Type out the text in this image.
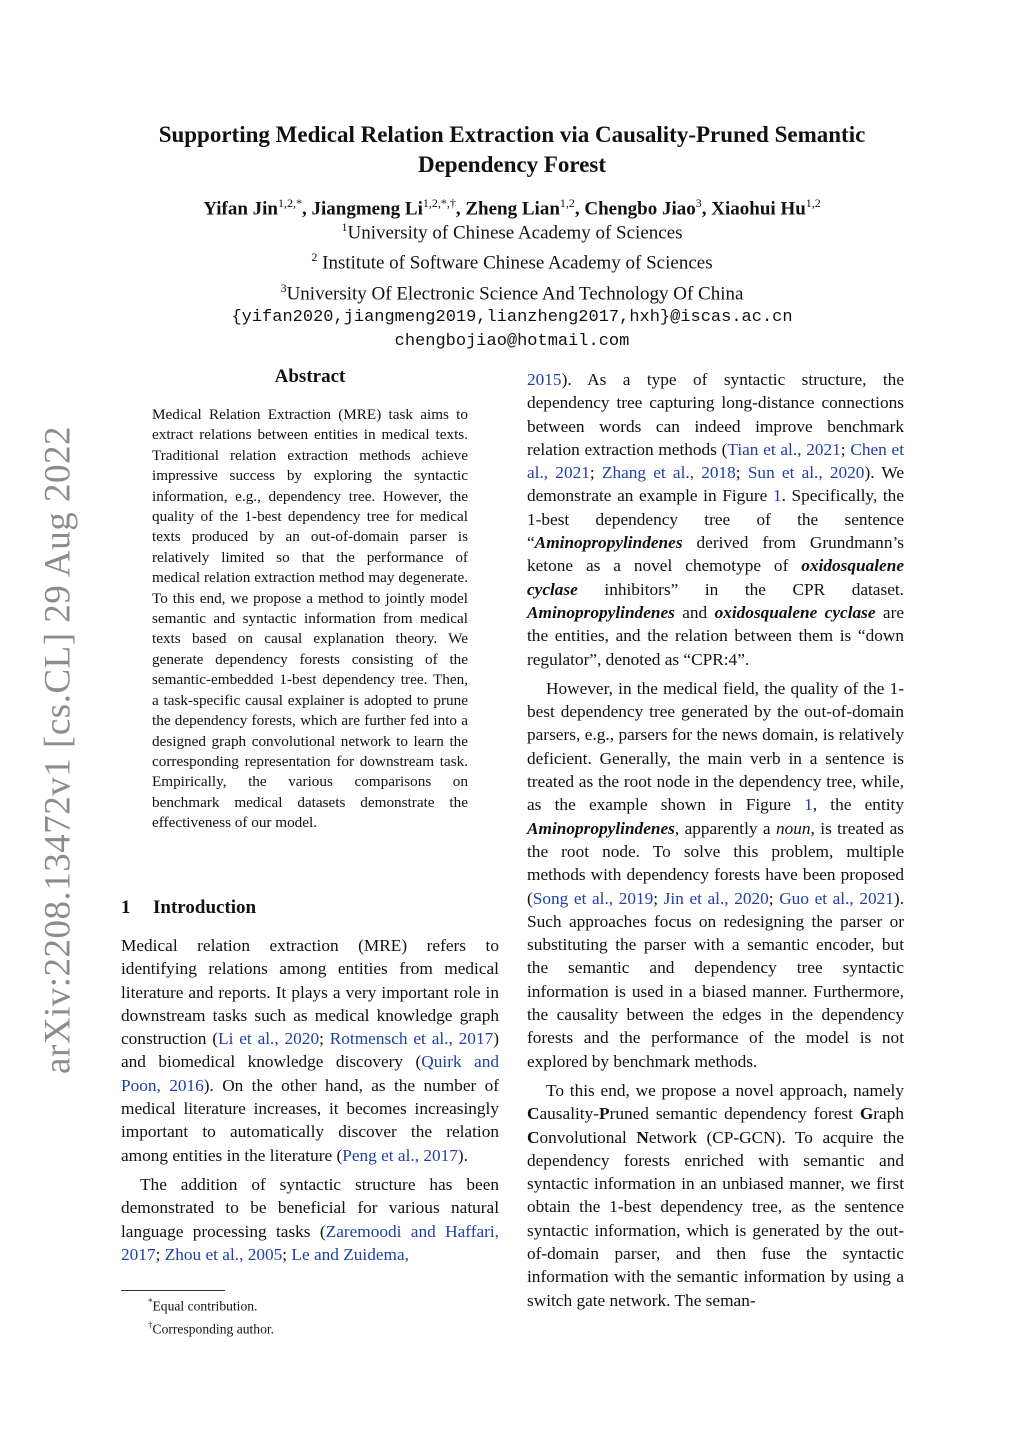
arXiv:2208.13472v1 [cs.CL] 29 Aug 2022
Supporting Medical Relation Extraction via Causality-Pruned Semantic Dependency Forest
Yifan Jin$^{1,2,*}$, Jiangmeng $Li^{1,2,*,\dagger}$, Zheng Lian$^{1,2}$, Chengbo Jiao$^3$, Xiaohui Hu$^{1,2}$
$^1$University of Chinese Academy of Sciences
$^2$ Institute of Software Chinese Academy of Sciences
$^3$University Of Electronic Science And Technology Of China
{yifan2020,jiangmeng2019,lianzheng2017,hxh}@iscas.ac.cn
chengbojiao@hotmail.com
Abstract

Medical Relation Extraction (MRE) task aims to extract relations between entities in medical texts. Traditional relation extraction methods achieve impressive success by exploring the syntactic information, e.g., dependency tree. However, the quality of the 1-best dependency tree for medical texts produced by an out-of-domain parser is relatively limited so that the performance of medical relation extraction method may degenerate. To this end, we propose a method to jointly model semantic and syntactic information from medical texts based on causal explanation theory. We generate dependency forests consisting of the semantic-embedded 1-best dependency tree. Then, a task-specific causal explainer is adopted to prune the dependency forests, which are further fed into a designed graph convolutional network to learn the corresponding representation for downstream task. Empirically, the various comparisons on benchmark medical datasets demonstrate the effectiveness of our model.

1 Introduction

Medical relation extraction (MRE) refers to identifying relations among entities from medical literature and reports. It plays a very important role in downstream tasks such as medical knowledge graph construction (Li et al., 2020; Rotmensch et al., 2017) and biomedical knowledge discovery (Quirk and Poon, 2016). On the other hand, as the number of medical literature increases, it becomes increasingly important to automatically discover the relation among entities in the literature (Peng et al., 2017).

The addition of syntactic structure has been demonstrated to be beneficial for various natural language processing tasks (Zaremoodi and Haffari, 2017; Zhou et al., 2005; Le and Zuidema,

2015). As a type of syntactic structure, the dependency tree capturing long-distance connections between words can indeed improve benchmark relation extraction methods (Tian et al., 2021; Chen et al., 2021; Zhang et al., 2018; Sun et al., 2020). We demonstrate an example in Figure 1. Specifically, the 1-best dependency tree of the sentence “Aminopropylindenes derived from Grundmann’s ketone as a novel chemotype of oxidosqualene cyclase inhibitors” in the CPR dataset. Aminopropylindenes and oxidosqualene cyclase are the entities, and the relation between them is “down regulator”, denoted as “CPR:4”.

However, in the medical field, the quality of the 1-best dependency tree generated by the out-of-domain parsers, e.g., parsers for the news domain, is relatively deficient. Generally, the main verb in a sentence is treated as the root node in the dependency tree, while, as the example shown in Figure 1, the entity Aminopropylindenes, apparently a noun, is treated as the root node. To solve this problem, multiple methods with dependency forests have been proposed (Song et al., 2019; Jin et al., 2020; Guo et al., 2021). Such approaches focus on redesigning the parser or substituting the parser with a semantic encoder, but the semantic and dependency tree syntactic information is used in a biased manner. Furthermore, the causality between the edges in the dependency forests and the performance of the model is not explored by benchmark methods.

To this end, we propose a novel approach, namely Causality-Pruned semantic dependency forest Graph Convolutional Network (CP-GCN). To acquire the dependency forests enriched with semantic and syntactic information in an unbiased manner, we first obtain the 1-best dependency tree, as the sentence syntactic information, which is generated by the out-of-domain parser, and then fuse the syntactic information with the semantic information by using a switch gate network. The seman-

*Equal contribution.
†Corresponding author.
